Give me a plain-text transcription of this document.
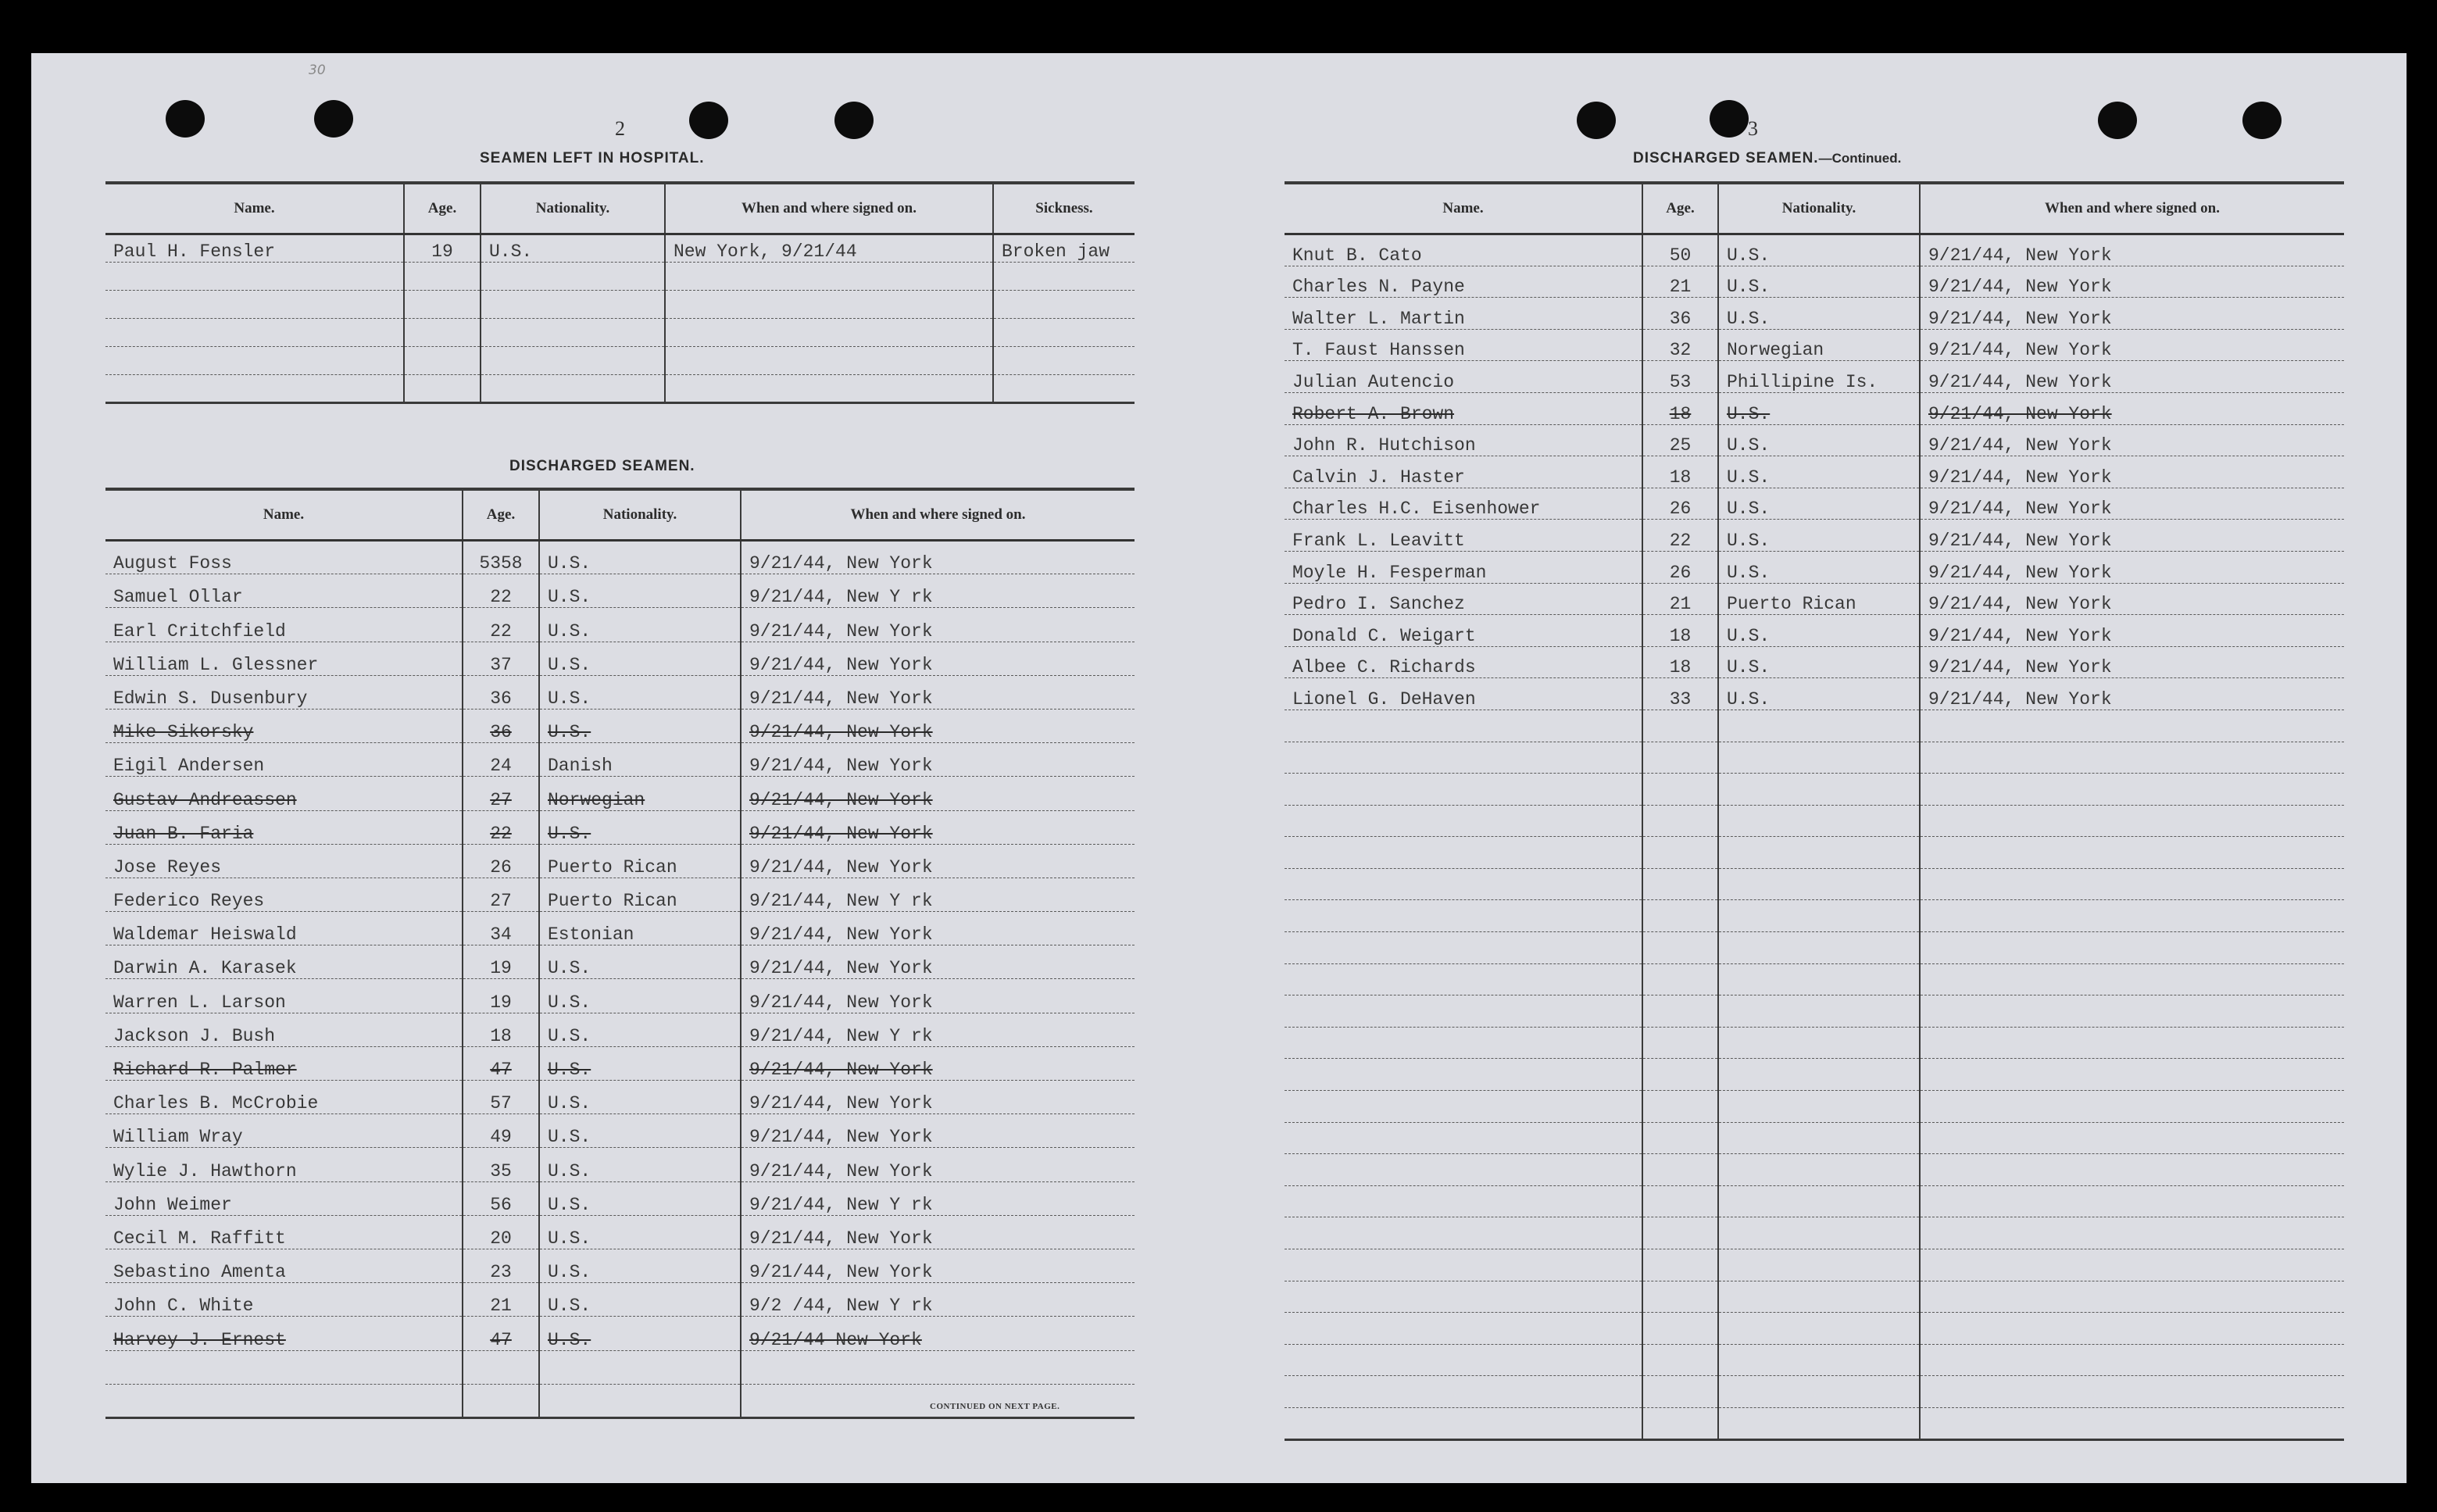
30
2
SEAMEN LEFT IN HOSPITAL.
Name.	Age.	Nationality.	When and where signed on.	Sickness.
Paul H. Fensler	19	U.S.	New York, 9/21/44	Broken jaw

DISCHARGED SEAMEN.
Name.	Age.	Nationality.	When and where signed on.
August Foss	5358	U.S.	9/21/44, New York
Samuel Ollar	22	U.S.	9/21/44, New Y rk
Earl Critchfield	22	U.S.	9/21/44, New York
William L. Glessner	37	U.S.	9/21/44, New York
Edwin S. Dusenbury	36	U.S.	9/21/44, New York
Mike Sikorsky	36	U.S.	9/21/44, New York
Eigil Andersen	24	Danish	9/21/44, New York
Gustav Andreassen	27	Norwegian	9/21/44, New York
Juan B. Faria	22	U.S.	9/21/44, New York
Jose Reyes	26	Puerto Rican	9/21/44, New York
Federico Reyes	27	Puerto Rican	9/21/44, New Y rk
Waldemar Heiswald	34	Estonian	9/21/44, New York
Darwin A. Karasek	19	U.S.	9/21/44, New York
Warren L. Larson	19	U.S.	9/21/44, New York
Jackson J. Bush	18	U.S.	9/21/44, New Y rk
Richard R. Palmer	47	U.S.	9/21/44, New York
Charles B. McCrobie	57	U.S.	9/21/44, New York
William Wray	49	U.S.	9/21/44, New York
Wylie J. Hawthorn	35	U.S.	9/21/44, New York
John Weimer	56	U.S.	9/21/44, New Y rk
Cecil M. Raffitt	20	U.S.	9/21/44, New York
Sebastino Amenta	23	U.S.	9/21/44, New York
John C. White	21	U.S.	9/2 /44, New Y rk
Harvey J. Ernest	47	U.S.	9/21/44 New York

CONTINUED ON NEXT PAGE.
3
DISCHARGED SEAMEN.—Continued.
Name.	Age.	Nationality.	When and where signed on.
Knut B. Cato	50	U.S.	9/21/44, New York
Charles N. Payne	21	U.S.	9/21/44, New York
Walter L. Martin	36	U.S.	9/21/44, New York
T. Faust Hanssen	32	Norwegian	9/21/44, New York
Julian Autencio	53	Phillipine Is.	9/21/44, New York
Robert A. Brown	18	U.S.	9/21/44, New York
John R. Hutchison	25	U.S.	9/21/44, New York
Calvin J. Haster	18	U.S.	9/21/44, New York
Charles H.C. Eisenhower	26	U.S.	9/21/44, New York
Frank L. Leavitt	22	U.S.	9/21/44, New York
Moyle H. Fesperman	26	U.S.	9/21/44, New York
Pedro I. Sanchez	21	Puerto Rican	9/21/44, New York
Donald C. Weigart	18	U.S.	9/21/44, New York
Albee C. Richards	18	U.S.	9/21/44, New York
Lionel G. DeHaven	33	U.S.	9/21/44, New York
